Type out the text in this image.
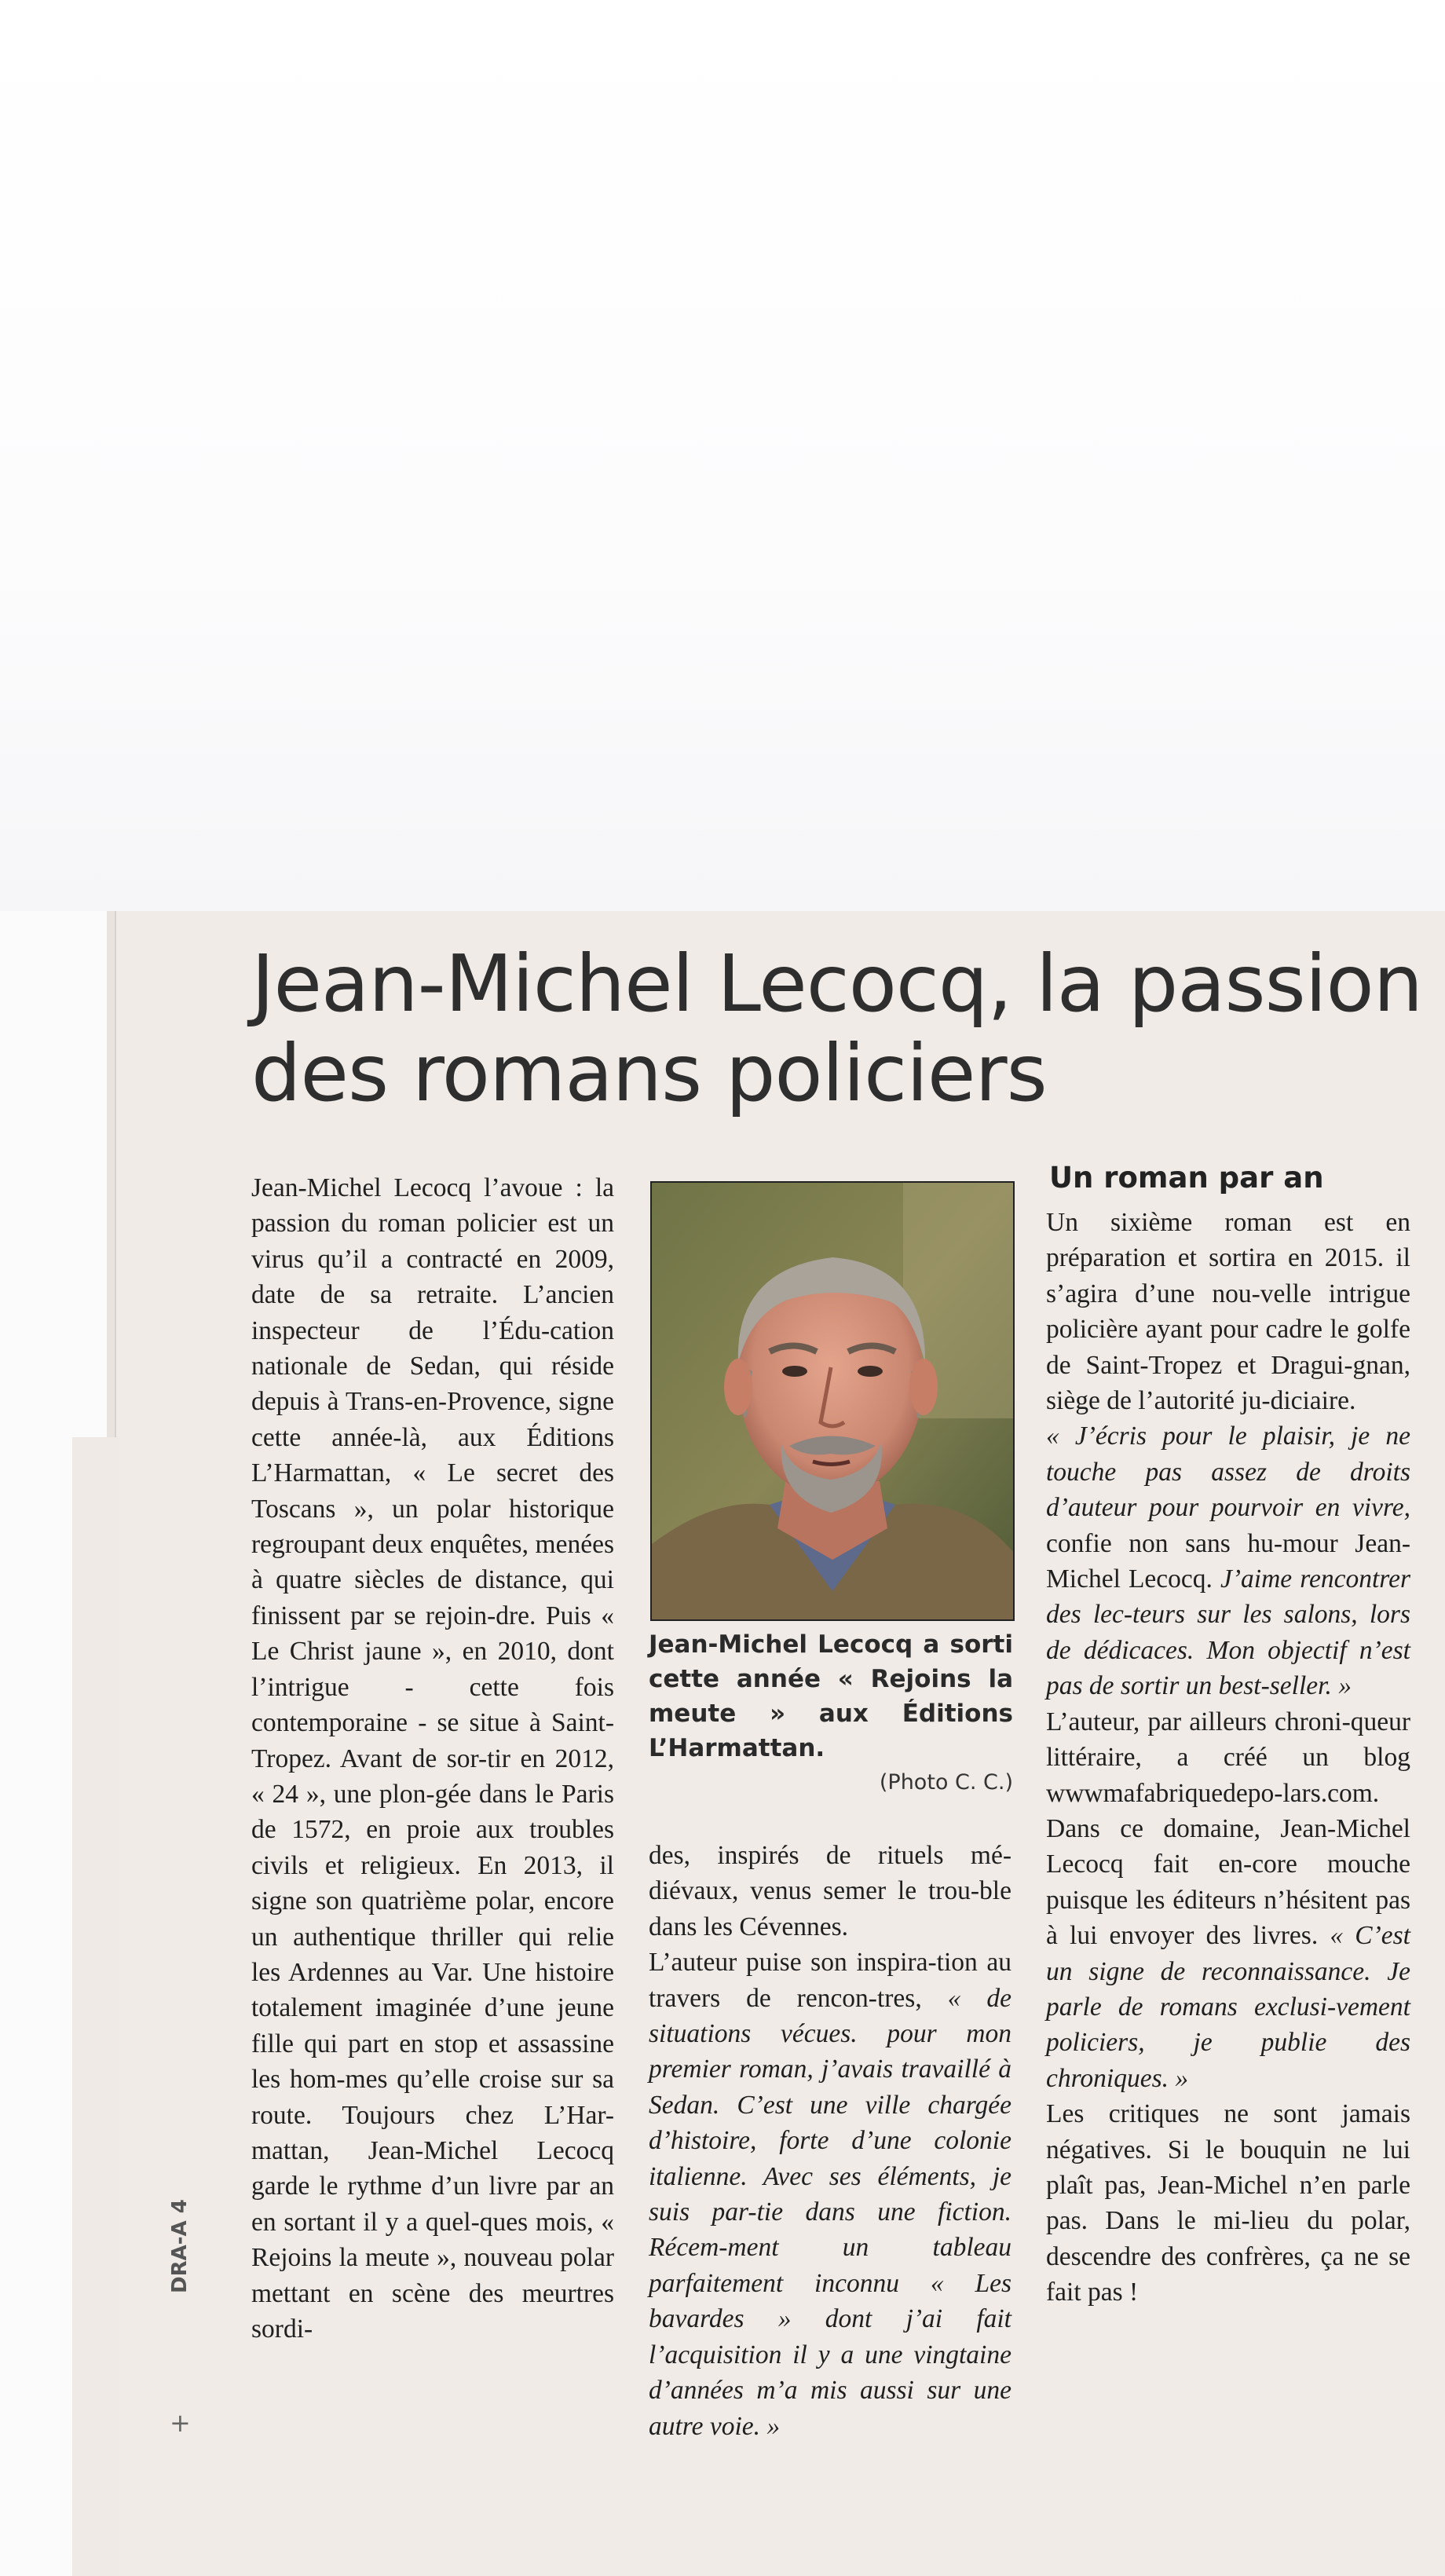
Jean-Michel Lecocq, la passion des romans policiers

Jean-Michel Lecocq l’avoue : la passion du roman policier est un virus qu’il a contracté en 2009, date de sa retraite. L’ancien inspecteur de l’Édu-cation nationale de Sedan, qui réside depuis à Trans-en-Provence, signe cette année-là, aux Éditions L’Harmattan, « Le secret des Toscans », un polar historique regroupant deux enquêtes, menées à quatre siècles de distance, qui finissent par se rejoin-dre. Puis « Le Christ jaune », en 2010, dont l’intrigue - cette fois contemporaine - se situe à Saint-Tropez. Avant de sor-tir en 2012, « 24 », une plon-gée dans le Paris de 1572, en proie aux troubles civils et religieux. En 2013, il signe son quatrième polar, encore un authentique thriller qui relie les Ardennes au Var. Une histoire totalement imaginée d’une jeune fille qui part en stop et assassine les hom-mes qu’elle croise sur sa route. Toujours chez L’Har-mattan, Jean-Michel Lecocq garde le rythme d’un livre par an en sortant il y a quel-ques mois, « Rejoins la meute », nouveau polar mettant en scène des meurtres sordi-

Jean-Michel Lecocq a sorti cette année « Rejoins la meute » aux Éditions L’Harmattan.

(Photo C. C.)

des, inspirés de rituels mé-diévaux, venus semer le trou-ble dans les Cévennes.

L’auteur puise son inspira-tion au travers de rencon-tres, « de situations vécues. pour mon premier roman, j’avais travaillé à Sedan. C’est une ville chargée d’histoire, forte d’une colonie italienne. Avec ses éléments, je suis par-tie dans une fiction. Récem-ment un tableau parfaitement inconnu « Les bavardes » dont j’ai fait l’acquisition il y a une vingtaine d’années m’a mis aussi sur une autre voie. »

Un roman par an

Un sixième roman est en préparation et sortira en 2015. il s’agira d’une nou-velle intrigue policière ayant pour cadre le golfe de Saint-Tropez et Dragui-gnan, siège de l’autorité ju-diciaire.

« J’écris pour le plaisir, je ne touche pas assez de droits d’auteur pour pourvoir en vivre, confie non sans hu-mour Jean-Michel Lecocq. J’aime rencontrer des lec-teurs sur les salons, lors de dédicaces. Mon objectif n’est pas de sortir un best-seller. »

L’auteur, par ailleurs chroni-queur littéraire, a créé un blog wwwmafabriquedepo-lars.com. Dans ce domaine, Jean-Michel Lecocq fait en-core mouche puisque les éditeurs n’hésitent pas à lui envoyer des livres. « C’est un signe de reconnaissance. Je parle de romans exclusi-vement policiers, je publie des chroniques. »

Les critiques ne sont jamais négatives. Si le bouquin ne lui plaît pas, Jean-Michel n’en parle pas. Dans le mi-lieu du polar, descendre des confrères, ça ne se fait pas !

DRA-A 4
+
